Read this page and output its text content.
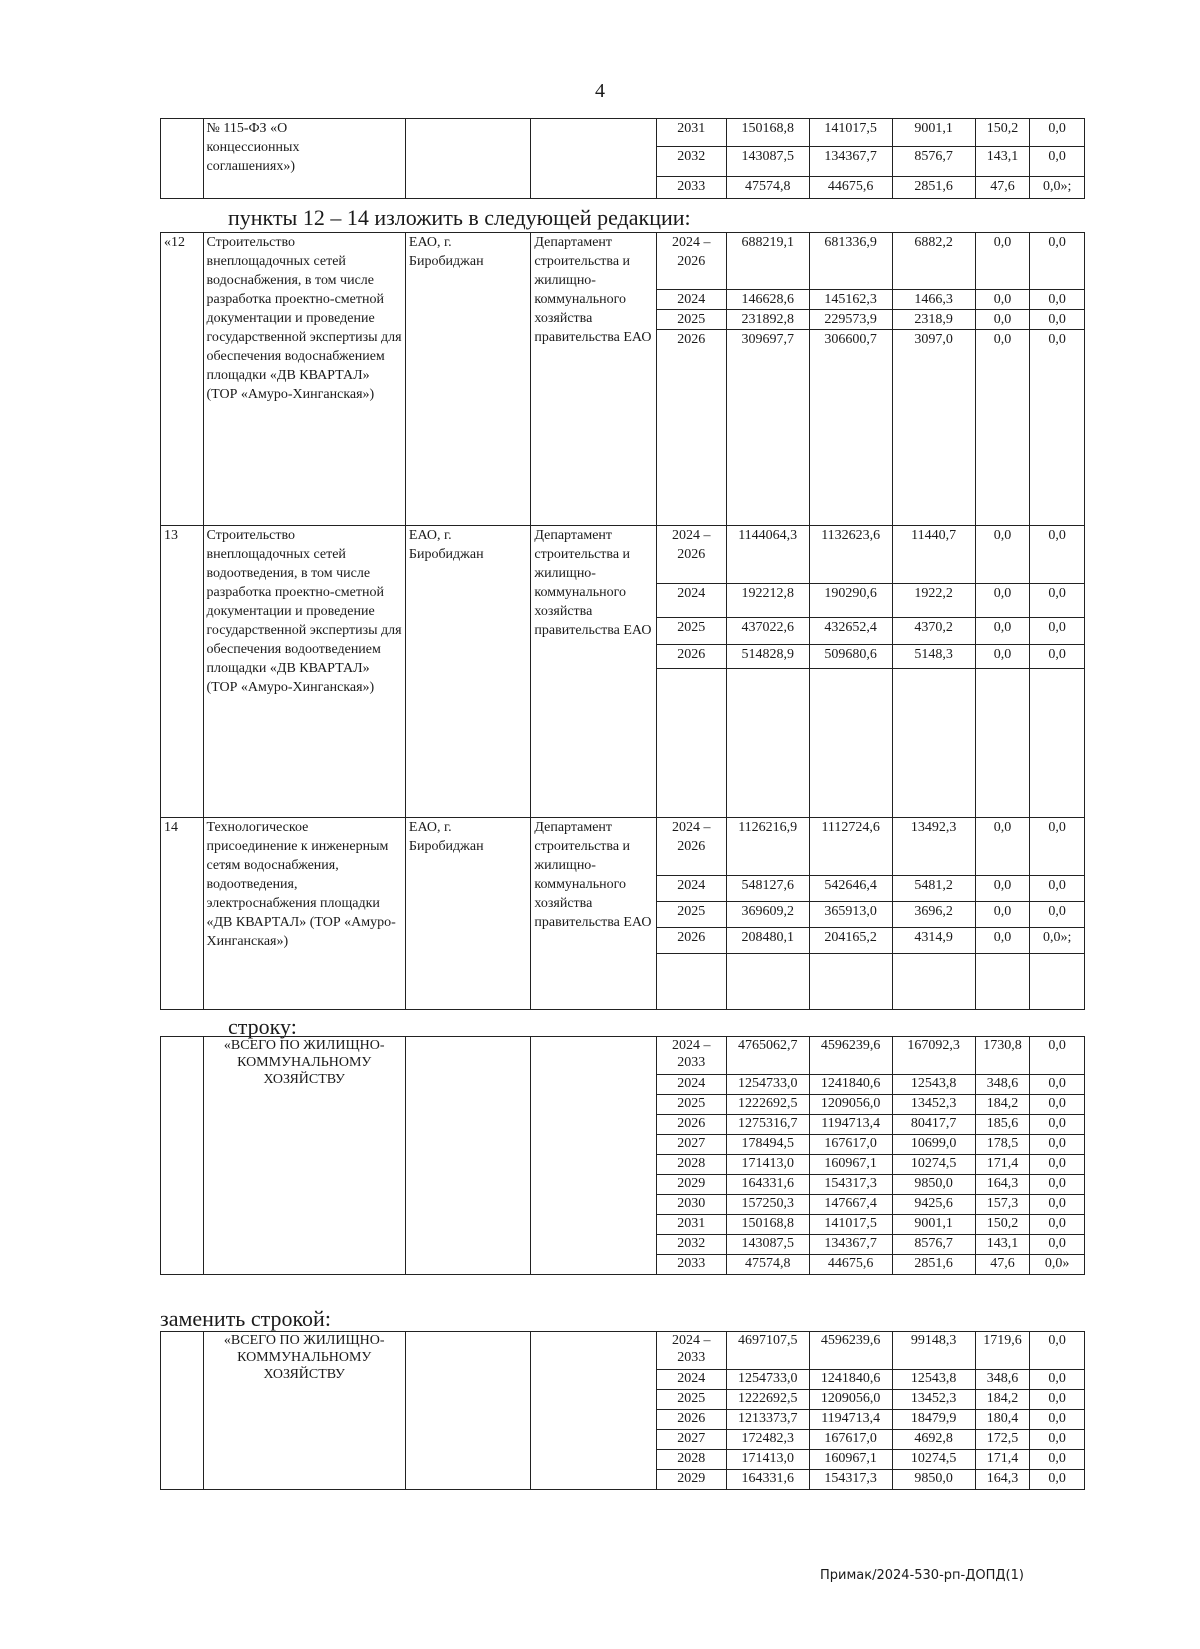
4

	№ 115-ФЗ «О
концессионных
соглашениях»)			2031	150168,8	141017,5	9001,1	150,2	0,0
				2032	143087,5	134367,7	8576,7	143,1	0,0
				2033	47574,8	44675,6	2851,6	47,6	0,0»;
пункты 12 – 14 изложить в следующей редакции:
«12	Строительство внеплощадочных сетей водоснабжения, в том числе разработка проектно-сметной документации и проведение государственной экспертизы для обеспечения водоснабжением площадки «ДВ КВАРТАЛ» (ТОР «Амуро-Хинганская»)	ЕАО, г. Биробиджан	Департамент строительства и жилищно-коммунального хозяйства правительства ЕАО	2024 – 2026	688219,1	681336,9	6882,2	0,0	0,0
				2024	146628,6	145162,3	1466,3	0,0	0,0
				2025	231892,8	229573,9	2318,9	0,0	0,0
				2026	309697,7	306600,7	3097,0	0,0	0,0

13	Строительство внеплощадочных сетей водоотведения, в том числе разработка проектно-сметной документации и проведение государственной экспертизы для обеспечения водоотведением площадки «ДВ КВАРТАЛ» (ТОР «Амуро-Хинганская»)	ЕАО, г. Биробиджан	Департамент строительства и жилищно-коммунального хозяйства правительства ЕАО	2024 – 2026	1144064,3	1132623,6	11440,7	0,0	0,0
				2024	192212,8	190290,6	1922,2	0,0	0,0
				2025	437022,6	432652,4	4370,2	0,0	0,0
				2026	514828,9	509680,6	5148,3	0,0	0,0

14	Технологическое присоединение к инженерным сетям водоснабжения, водоотведения, электроснабжения площадки «ДВ КВАРТАЛ» (ТОР «Амуро-Хинганская»)	ЕАО, г. Биробиджан	Департамент строительства и жилищно-коммунального хозяйства правительства ЕАО	2024 – 2026	1126216,9	1112724,6	13492,3	0,0	0,0
				2024	548127,6	542646,4	5481,2	0,0	0,0
				2025	369609,2	365913,0	3696,2	0,0	0,0
				2026	208480,1	204165,2	4314,9	0,0	0,0»;

строку:
	«ВСЕГО ПО ЖИЛИЩНО-КОММУНАЛЬНОМУ ХОЗЯЙСТВУ			2024 – 2033	4765062,7	4596239,6	167092,3	1730,8	0,0
				2024	1254733,0	1241840,6	12543,8	348,6	0,0
				2025	1222692,5	1209056,0	13452,3	184,2	0,0
				2026	1275316,7	1194713,4	80417,7	185,6	0,0
				2027	178494,5	167617,0	10699,0	178,5	0,0
				2028	171413,0	160967,1	10274,5	171,4	0,0
				2029	164331,6	154317,3	9850,0	164,3	0,0
				2030	157250,3	147667,4	9425,6	157,3	0,0
				2031	150168,8	141017,5	9001,1	150,2	0,0
				2032	143087,5	134367,7	8576,7	143,1	0,0
				2033	47574,8	44675,6	2851,6	47,6	0,0»
заменить строкой:
	«ВСЕГО ПО ЖИЛИЩНО-КОММУНАЛЬНОМУ ХОЗЯЙСТВУ			2024 – 2033	4697107,5	4596239,6	99148,3	1719,6	0,0
				2024	1254733,0	1241840,6	12543,8	348,6	0,0
				2025	1222692,5	1209056,0	13452,3	184,2	0,0
				2026	1213373,7	1194713,4	18479,9	180,4	0,0
				2027	172482,3	167617,0	4692,8	172,5	0,0
				2028	171413,0	160967,1	10274,5	171,4	0,0
				2029	164331,6	154317,3	9850,0	164,3	0,0
Примак/2024-530-рп-ДОПД(1)
